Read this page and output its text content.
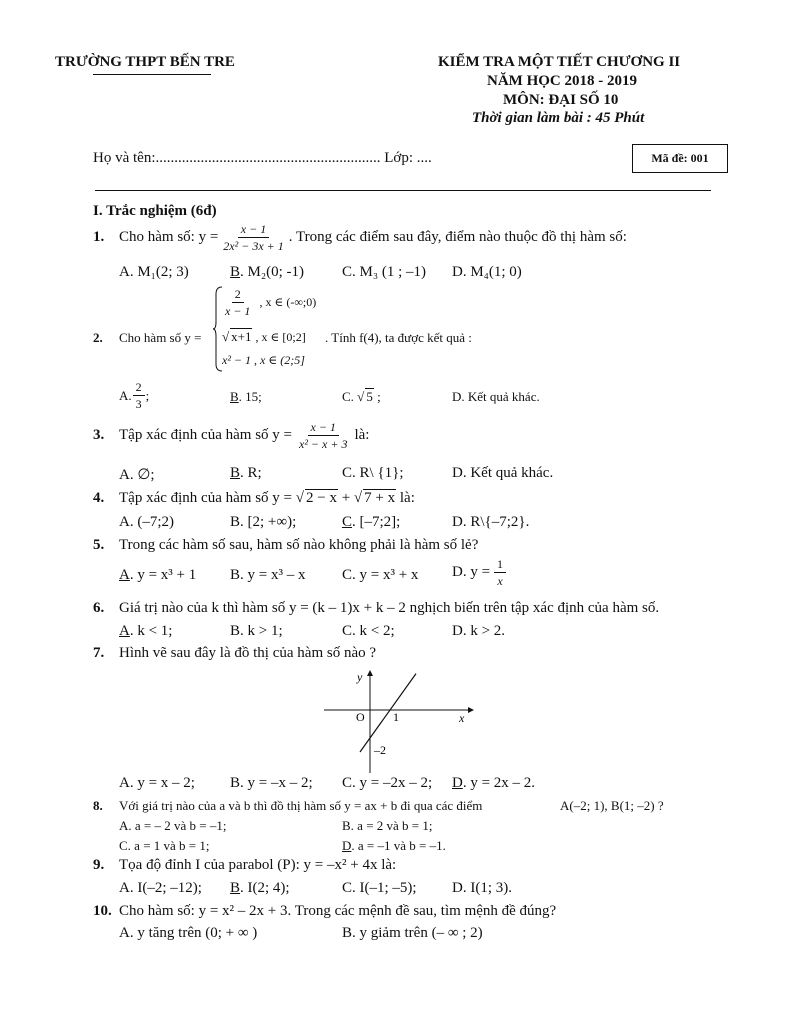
TRƯỜNG THPT BẾN TRE	KIỂM TRA MỘT TIẾT CHƯƠNG II
NĂM HỌC 2018 - 2019
MÔN: ĐẠI SỐ 10
Thời gian làm bài : 45 Phút
Họ và tên:............................................................ Lớp: ....	Mã đề: 001
I. Trắc nghiệm (6đ)
1. Cho hàm số: $y = \frac{x - 1}{\text{2x² − 3x + 1}}$ . Trong các điểm sau đây, điểm nào thuộc đồ thị hàm số:
A. M₁(2; 3)	B. M₂(0; -1)	C. M₃ (1 ; –1) D. M₄(1; 0)
2. Cho hàm số y =
$\frac{2}{x - 1}$ , x ∈ (-∞;0)
√ x+1 , x ∈ [0;2]
x² − 1 , x ∈ (2;5]
. Tính f(4), ta được kết quả :
A. $\frac{2}{3}$ ;	B. 15;	C. √ 5 ;	D. Kết quả khác.
3. Tập xác định của hàm số $y = \frac{x - 1}{\text{x² − x + 3}}$ là:
A. ∅;	B. R;	C. R\ {1};	D. Kết quả khác.
4. Tập xác định của hàm số y = √ 2 − x + √ 7 + x là:
A. (–7;2)	B. [2; +∞);	C. [–7;2];	D. R\{–7;2}.
5. Trong các hàm số sau, hàm số nào không phải là hàm số lẻ?
A. y = x³ + 1 B. y = x³ – x C. y = x³ + x D. $y = \frac{1}{x}$
6. Giá trị nào của k thì hàm số y = (k – 1)x + k – 2 nghịch biến trên tập xác định của hàm số.
A. k < 1;	B. k > 1;	C. k < 2;	D. k > 2.
7. Hình vẽ sau đây là đồ thị của hàm số nào ?
y
x
O 1
–2
A. y = x – 2; B. y = –x – 2; C. y = –2x – 2; D. y = 2x – 2.
8. Với giá trị nào của a và b thì đồ thị hàm số y = ax + b đi qua các điểm	A(–2; 1), B(1; –2) ?
A. a = – 2 và b = –1;	B. a = 2 và b = 1;
C. a = 1 và b = 1;	D. a = –1 và b = –1.
9. Tọa độ đỉnh I của parabol (P): y = –x² + 4x là:
A. I(–2; –12); B. I(2; 4);	C. I(–1; –5); D. I(1; 3).
10. Cho hàm số: y = x² – 2x + 3. Trong các mệnh đề sau, tìm mệnh đề đúng?
A. y tăng trên (0; + ∞ )	B. y giảm trên (– ∞ ; 2)
